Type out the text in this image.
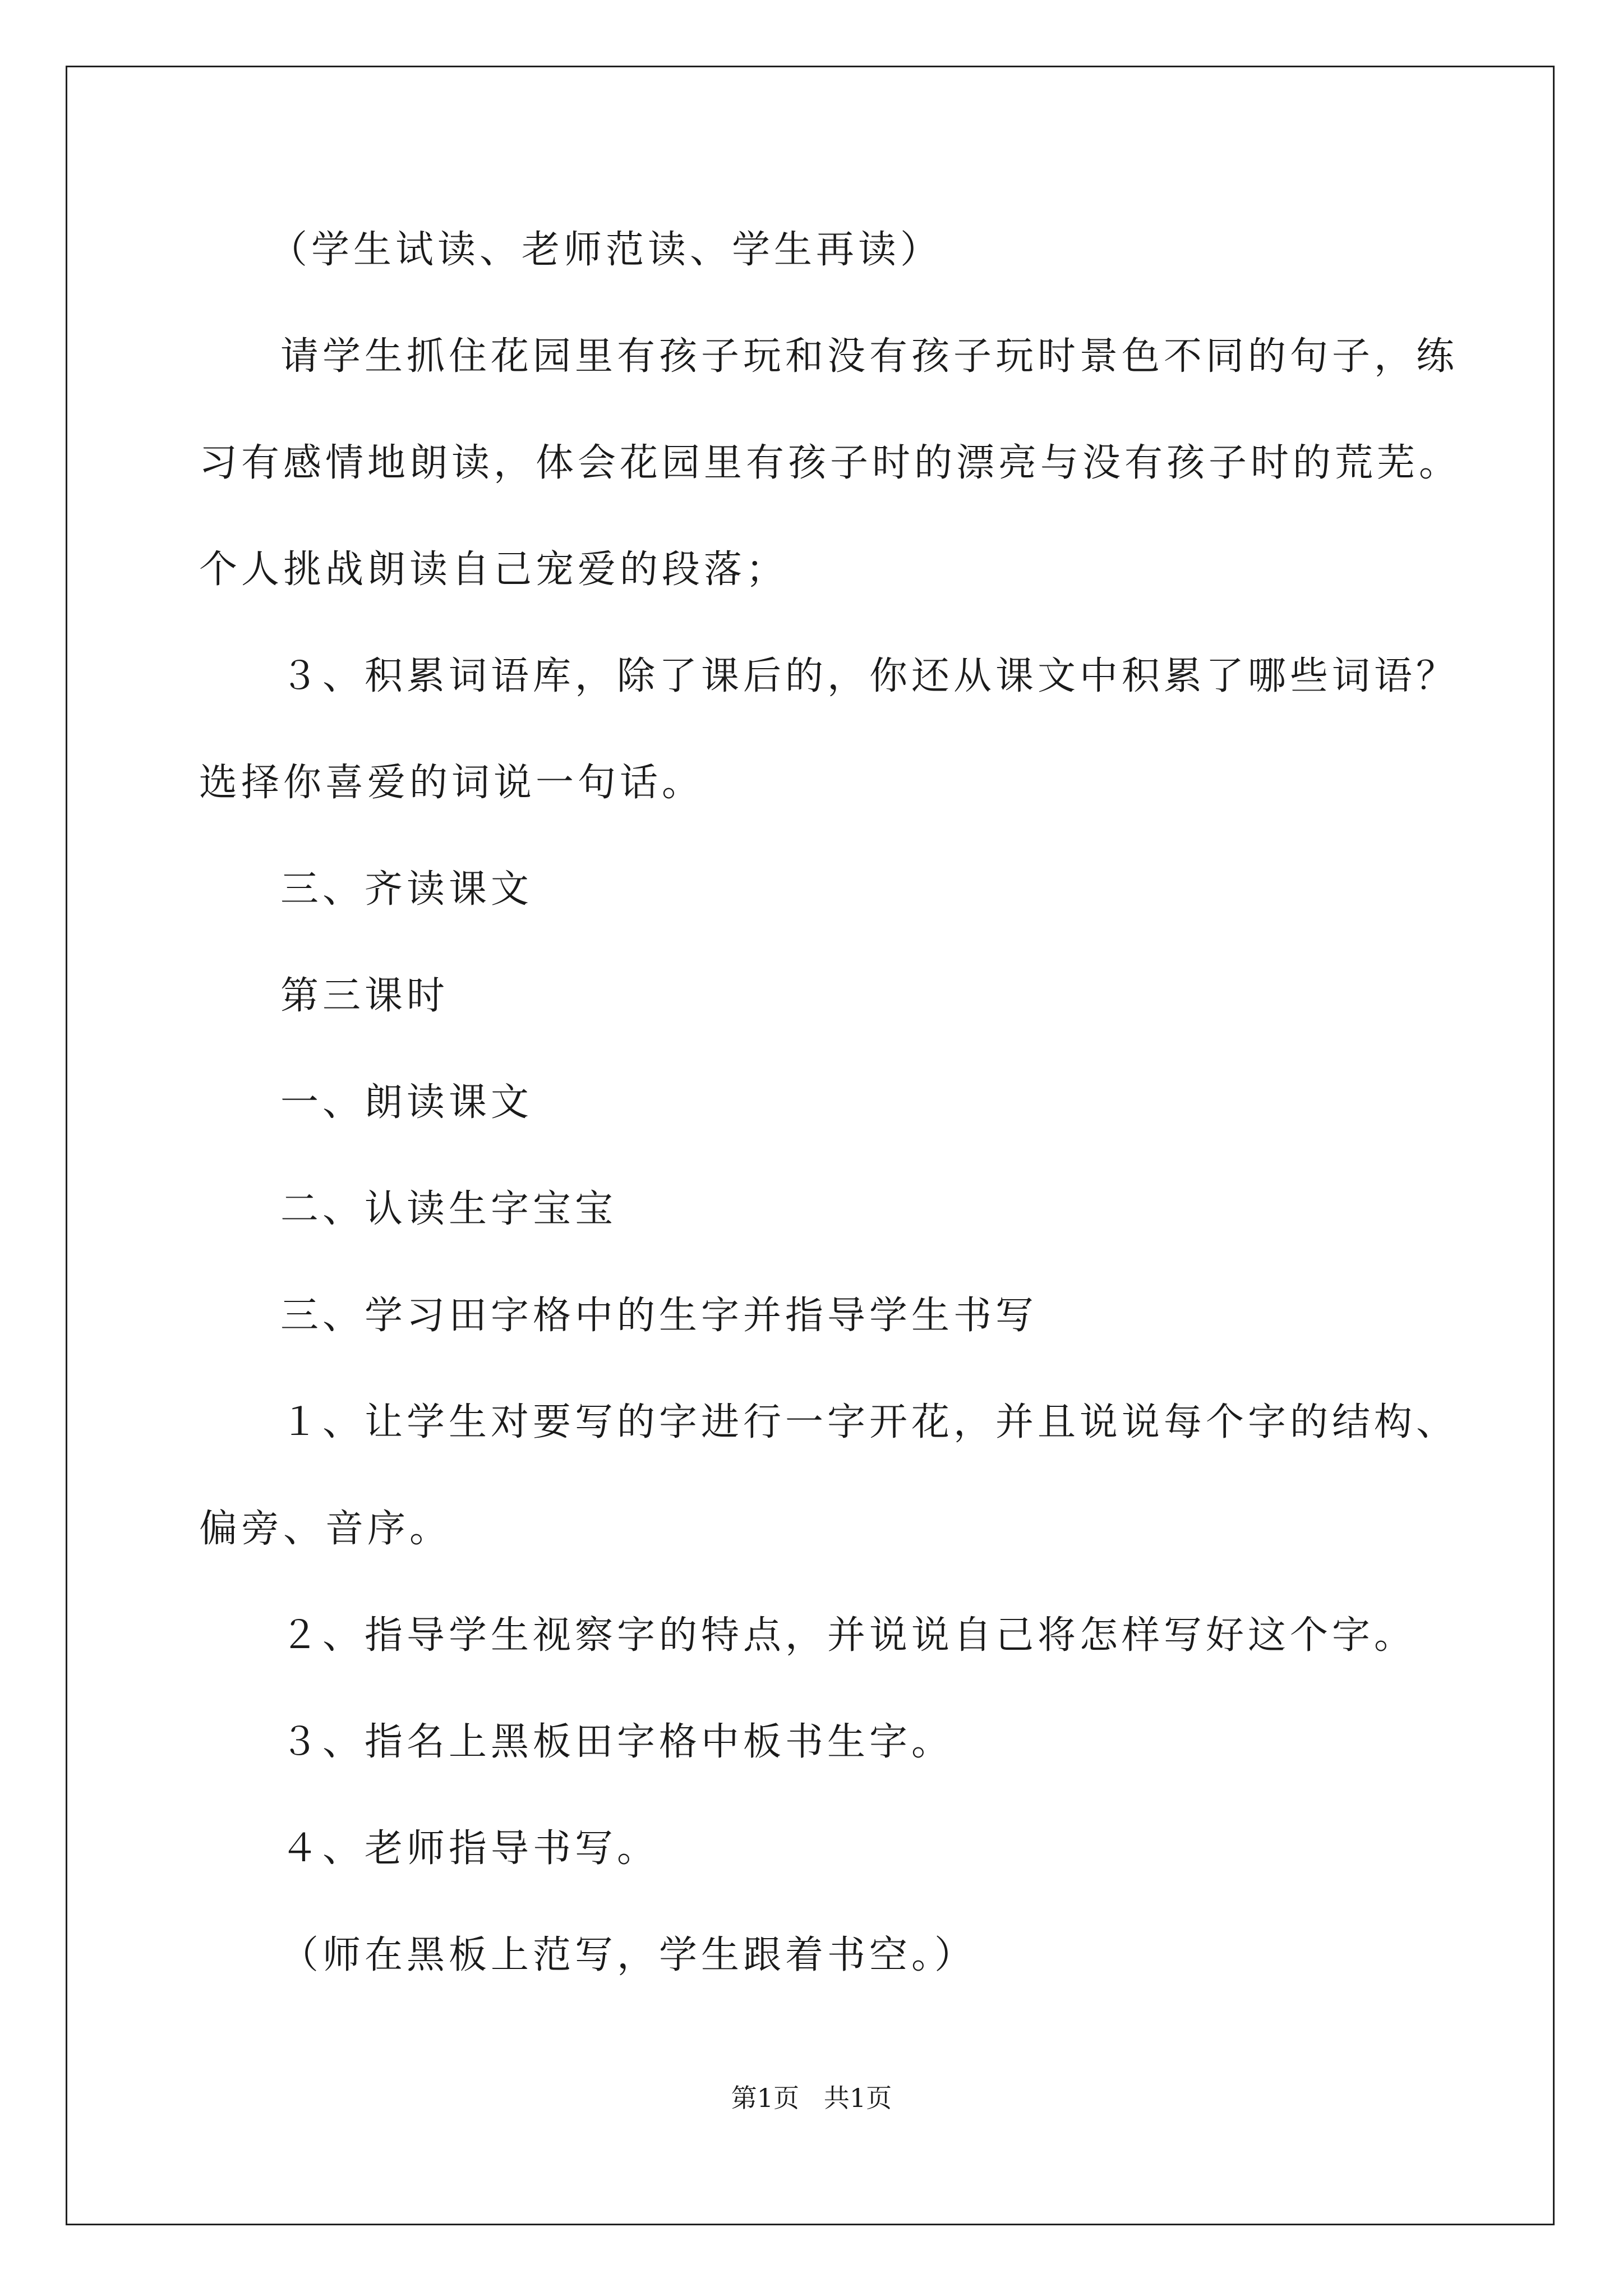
（学生试读、老师范读、学生再读）
请学生抓住花园里有孩子玩和没有孩子玩时景色不同的句子，练
习有感情地朗读，体会花园里有孩子时的漂亮与没有孩子时的荒芜。
个人挑战朗读自己宠爱的段落；
３、积累词语库，除了课后的，你还从课文中积累了哪些词语？
选择你喜爱的词说一句话。
三、齐读课文
第三课时
一、朗读课文
二、认读生字宝宝
三、学习田字格中的生字并指导学生书写
１、让学生对要写的字进行一字开花，并且说说每个字的结构、
偏旁、音序。
２、指导学生视察字的特点，并说说自己将怎样写好这个字。
３、指名上黑板田字格中板书生字。
４、老师指导书写。
（师在黑板上范写，学生跟着书空。）
第1页   共1页
